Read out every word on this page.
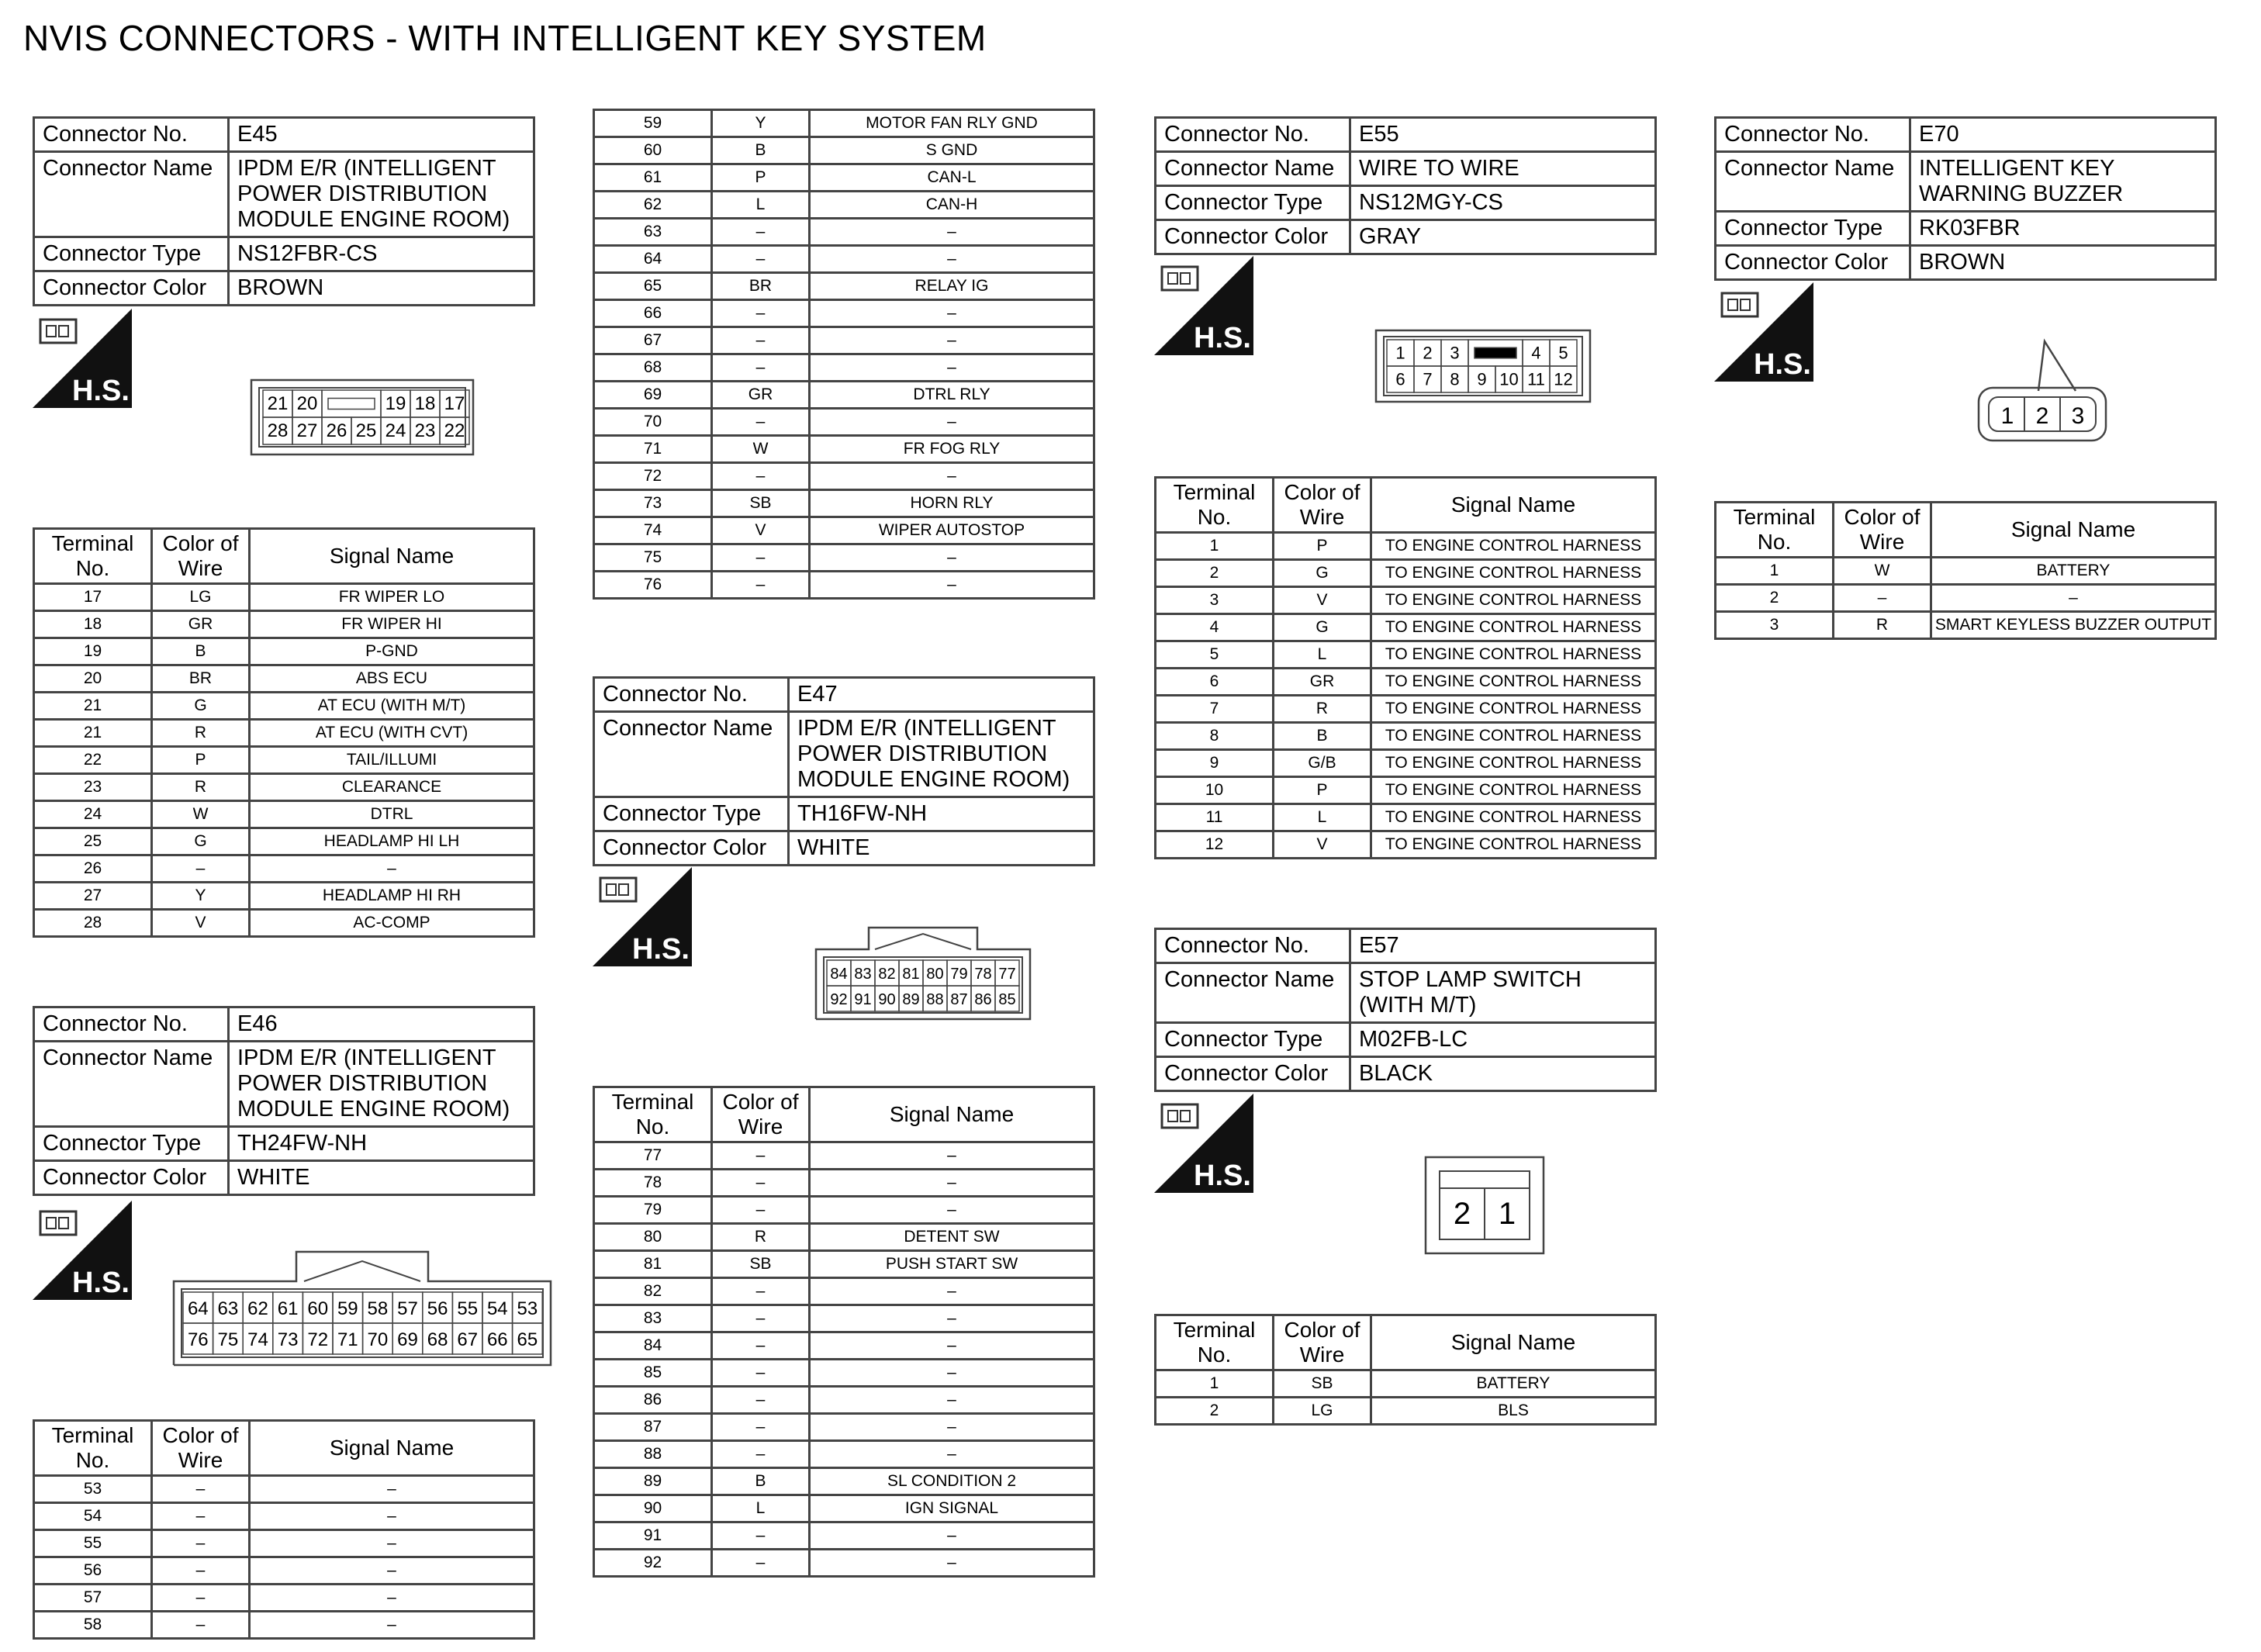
NVIS CONNECTORS - WITH INTELLIGENT KEY SYSTEM
Connector No.	E45
Connector Name	IPDM E/R (INTELLIGENT POWER DISTRIBUTION MODULE ENGINE ROOM)
Connector Type	NS12FBR-CS
Connector Color	BROWN
H.S.	21 20	19 18 17
28 27 26 25 24 23 22
Terminal No.	Color of Wire	Signal Name
17	LG	FR WIPER LO
18	GR	FR WIPER HI
19	B	P-GND
20	BR	ABS ECU
21	G	AT ECU (WITH M/T)
21	R	AT ECU (WITH CVT)
22	P	TAIL/ILLUMI
23	R	CLEARANCE
24	W	DTRL
25	G	HEADLAMP HI LH
26	–	–
27	Y	HEADLAMP HI RH
28	V	AC-COMP
Connector No.	E46
Connector Name	IPDM E/R (INTELLIGENT POWER DISTRIBUTION MODULE ENGINE ROOM)
Connector Type	TH24FW-NH
Connector Color	WHITE
H.S.
64 63 62 61 60 59 58 57 56 55 54 53
76 75 74 73 72 71 70 69 68 67 66 65
Terminal No.	Color of Wire	Signal Name
53	–	–
54	–	–
55	–	–
56	–	–
57	–	–
58	–	–
59	Y	MOTOR FAN RLY GND
60	B	S GND
61	P	CAN-L
62	L	CAN-H
63	–	–
64	–	–
65	BR	RELAY IG
66	–	–
67	–	–
68	–	–
69	GR	DTRL RLY
70	–	–
71	W	FR FOG RLY
72	–	–
73	SB	HORN RLY
74	V	WIPER AUTOSTOP
75	–	–
76	–	–
Connector No.	E47
Connector Name	IPDM E/R (INTELLIGENT POWER DISTRIBUTION MODULE ENGINE ROOM)
Connector Type	TH16FW-NH
Connector Color	WHITE
H.S.
84 83 82 81 80 79 78 77
92 91 90 89 88 87 86 85
Terminal No.	Color of Wire	Signal Name
77	–	–
78	–	–
79	–	–
80	R	DETENT SW
81	SB	PUSH START SW
82	–	–
83	–	–
84	–	–
85	–	–
86	–	–
87	–	–
88	–	–
89	B	SL CONDITION 2
90	L	IGN SIGNAL
91	–	–
92	–	–
Connector No.	E55
Connector Name	WIRE TO WIRE
Connector Type	NS12MGY-CS
Connector Color	GRAY
H.S.	1 2 3	4 5
6 7 8 9 10 11 12
Terminal No.	Color of Wire	Signal Name
1	P	TO ENGINE CONTROL HARNESS
2	G	TO ENGINE CONTROL HARNESS
3	V	TO ENGINE CONTROL HARNESS
4	G	TO ENGINE CONTROL HARNESS
5	L	TO ENGINE CONTROL HARNESS
6	GR	TO ENGINE CONTROL HARNESS
7	R	TO ENGINE CONTROL HARNESS
8	B	TO ENGINE CONTROL HARNESS
9	G/B	TO ENGINE CONTROL HARNESS
10	P	TO ENGINE CONTROL HARNESS
11	L	TO ENGINE CONTROL HARNESS
12	V	TO ENGINE CONTROL HARNESS
Connector No.	E57
Connector Name	STOP LAMP SWITCH (WITH M/T)
Connector Type	M02FB-LC
Connector Color	BLACK
H.S.
2 1
Terminal No.	Color of Wire	Signal Name
1	SB	BATTERY
2	LG	BLS
Connector No.	E70
Connector Name	INTELLIGENT KEY WARNING BUZZER
Connector Type	RK03FBR
Connector Color	BROWN
H.S.
1 2 3
Terminal No.	Color of Wire	Signal Name
1	W	BATTERY
2	–	–
3	R	SMART KEYLESS BUZZER OUTPUT
